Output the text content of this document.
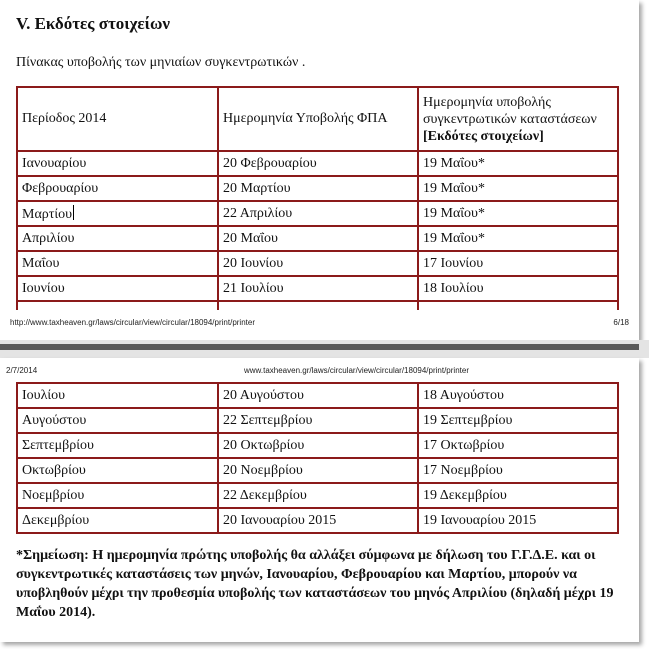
V. Εκδότες στοιχείων
Πίνακας υποβολής των μηνιαίων συγκεντρωτικών .
Περίοδος 2014	Ημερομηνία Υποβολής ΦΠΑ	Ημερομηνία υποβολής
συγκεντρωτικών καταστάσεων
[Εκδότες στοιχείων]
Ιανουαρίου	20 Φεβρουαρίου	19 Μαΐου*
Φεβρουαρίου	20 Μαρτίου	19 Μαΐου*
Μαρτίου	22 Απριλίου	19 Μαΐου*
Απριλίου	20 Μαΐου	19 Μαΐου*
Μαΐου	20 Ιουνίου	17 Ιουνίου
Ιουνίου	21 Ιουλίου	18 Ιουλίου

http://www.taxheaven.gr/laws/circular/view/circular/18094/print/printer	6/18
2/7/2014	www.taxheaven.gr/laws/circular/view/circular/18094/print/printer
Ιουλίου	20 Αυγούστου	18 Αυγούστου
Αυγούστου	22 Σεπτεμβρίου	19 Σεπτεμβρίου
Σεπτεμβρίου	20 Οκτωβρίου	17 Οκτωβρίου
Οκτωβρίου	20 Νοεμβρίου	17 Νοεμβρίου
Νοεμβρίου	22 Δεκεμβρίου	19 Δεκεμβρίου
Δεκεμβρίου	20 Ιανουαρίου 2015	19 Ιανουαρίου 2015
*Σημείωση: Η ημερομηνία πρώτης υποβολής θα αλλάξει σύμφωνα με δήλωση του Γ.Γ.Δ.Ε. και οι συγκεντρωτικές καταστάσεις των μηνών, Ιανουαρίου, Φεβρουαρίου και Μαρτίου, μπορούν να υποβληθούν μέχρι την προθεσμία υποβολής των καταστάσεων του μηνός Απριλίου (δηλαδή μέχρι 19 Μαΐου 2014).
